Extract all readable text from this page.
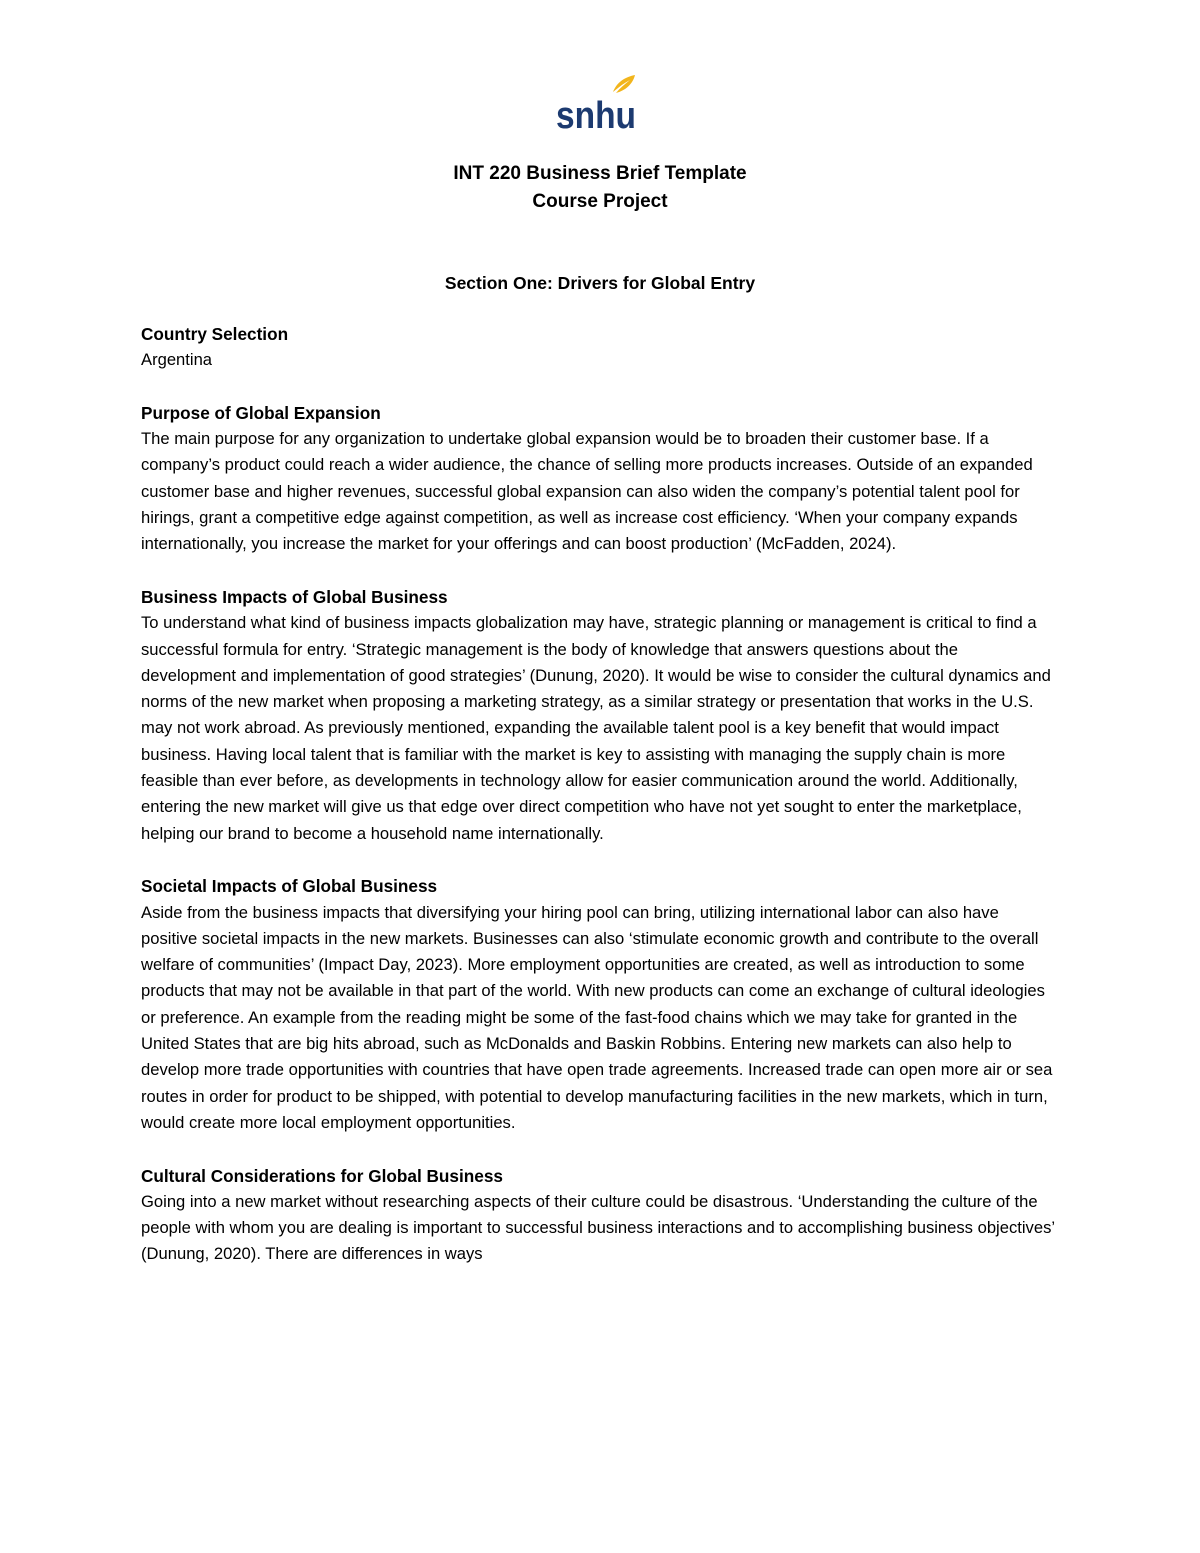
snhu
INT 220 Business Brief Template
Course Project
Section One: Drivers for Global Entry
Country Selection

Argentina

Purpose of Global Expansion

The main purpose for any organization to undertake global expansion would be to broaden their customer base. If a company’s product could reach a wider audience, the chance of selling more products increases. Outside of an expanded customer base and higher revenues, successful global expansion can also widen the company’s potential talent pool for hirings, grant a competitive edge against competition, as well as increase cost efficiency. ‘When your company expands internationally, you increase the market for your offerings and can boost production’ (McFadden, 2024).

Business Impacts of Global Business

To understand what kind of business impacts globalization may have, strategic planning or management is critical to find a successful formula for entry. ‘Strategic management is the body of knowledge that answers questions about the development and implementation of good strategies’ (Dunung, 2020). It would be wise to consider the cultural dynamics and norms of the new market when proposing a marketing strategy, as a similar strategy or presentation that works in the U.S. may not work abroad. As previously mentioned, expanding the available talent pool is a key benefit that would impact business. Having local talent that is familiar with the market is key to assisting with managing the supply chain is more feasible than ever before, as developments in technology allow for easier communication around the world. Additionally, entering the new market will give us that edge over direct competition who have not yet sought to enter the marketplace, helping our brand to become a household name internationally.

Societal Impacts of Global Business

Aside from the business impacts that diversifying your hiring pool can bring, utilizing international labor can also have positive societal impacts in the new markets. Businesses can also ‘stimulate economic growth and contribute to the overall welfare of communities’ (Impact Day, 2023). More employment opportunities are created, as well as introduction to some products that may not be available in that part of the world. With new products can come an exchange of cultural ideologies or preference. An example from the reading might be some of the fast-food chains which we may take for granted in the United States that are big hits abroad, such as McDonalds and Baskin Robbins. Entering new markets can also help to develop more trade opportunities with countries that have open trade agreements. Increased trade can open more air or sea routes in order for product to be shipped, with potential to develop manufacturing facilities in the new markets, which in turn, would create more local employment opportunities.

Cultural Considerations for Global Business

Going into a new market without researching aspects of their culture could be disastrous. ‘Understanding the culture of the people with whom you are dealing is important to successful business interactions and to accomplishing business objectives’ (Dunung, 2020). There are differences in ways
